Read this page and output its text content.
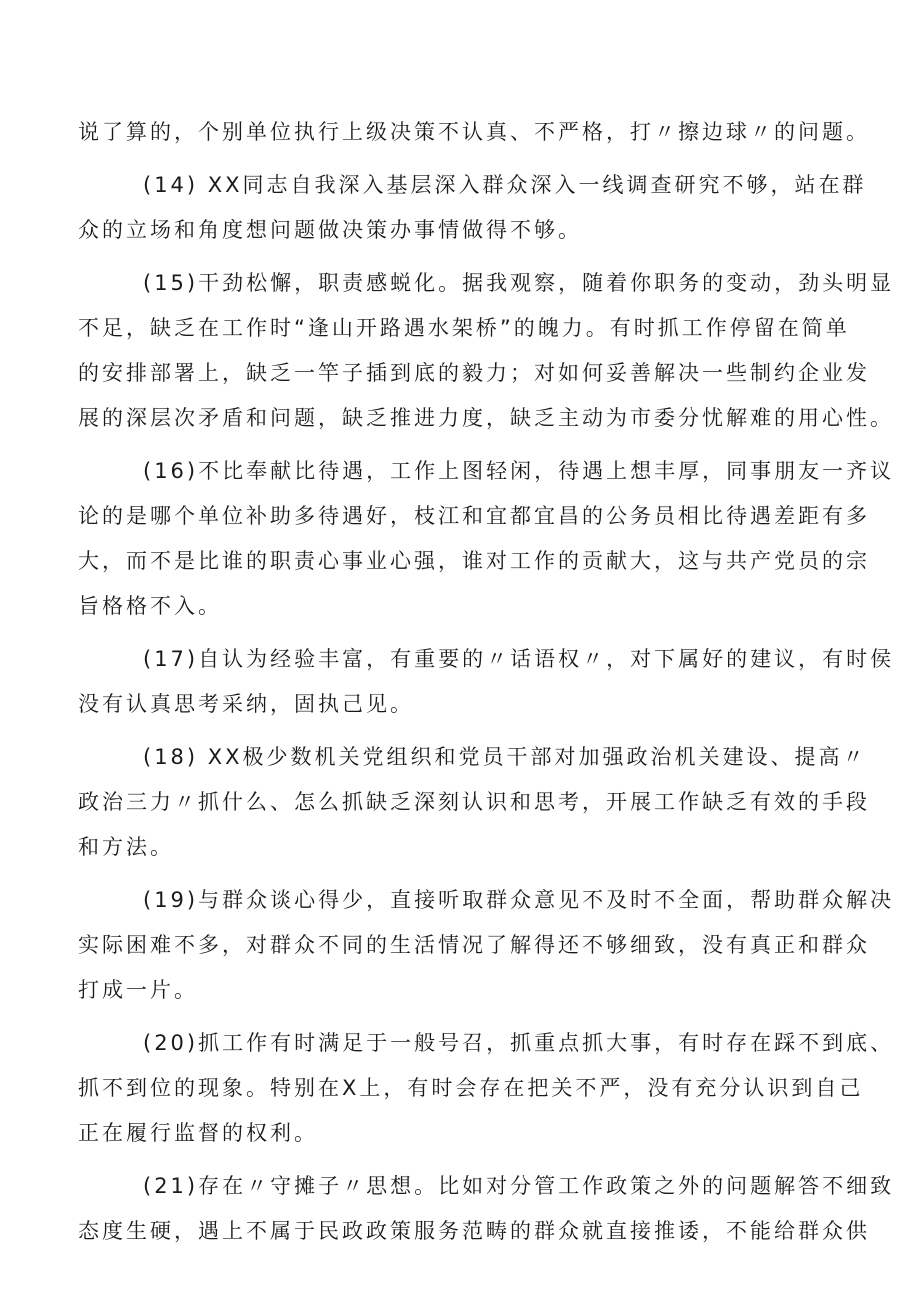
说了算的，个别单位执行上级决策不认真、不严格，打〃擦边球〃的问题。
(14) XX同志自我深入基层深入群众深入一线调查研究不够，站在群
众的立场和角度想问题做决策办事情做得不够。
(15)干劲松懈，职责感蜕化。据我观察，随着你职务的变动，劲头明显
不足，缺乏在工作时“逢山开路遇水架桥”的魄力。有时抓工作停留在简单
的安排部署上，缺乏一竿子插到底的毅力；对如何妥善解决一些制约企业发
展的深层次矛盾和问题，缺乏推进力度，缺乏主动为市委分忧解难的用心性。
(16)不比奉献比待遇，工作上图轻闲，待遇上想丰厚，同事朋友一齐议
论的是哪个单位补助多待遇好，枝江和宜都宜昌的公务员相比待遇差距有多
大，而不是比谁的职责心事业心强，谁对工作的贡献大，这与共产党员的宗
旨格格不入。
(17)自认为经验丰富，有重要的〃话语权〃，对下属好的建议，有时侯
没有认真思考采纳，固执己见。
(18) XX极少数机关党组织和党员干部对加强政治机关建设、提高〃
政治三力〃抓什么、怎么抓缺乏深刻认识和思考，开展工作缺乏有效的手段
和方法。
(19)与群众谈心得少，直接听取群众意见不及时不全面，帮助群众解决
实际困难不多，对群众不同的生活情况了解得还不够细致，没有真正和群众
打成一片。
(20)抓工作有时满足于一般号召，抓重点抓大事，有时存在踩不到底、
抓不到位的现象。特别在X上，有时会存在把关不严，没有充分认识到自己
正在履行监督的权利。
(21)存在〃守摊子〃思想。比如对分管工作政策之外的问题解答不细致
态度生硬，遇上不属于民政政策服务范畴的群众就直接推诿，不能给群众供
